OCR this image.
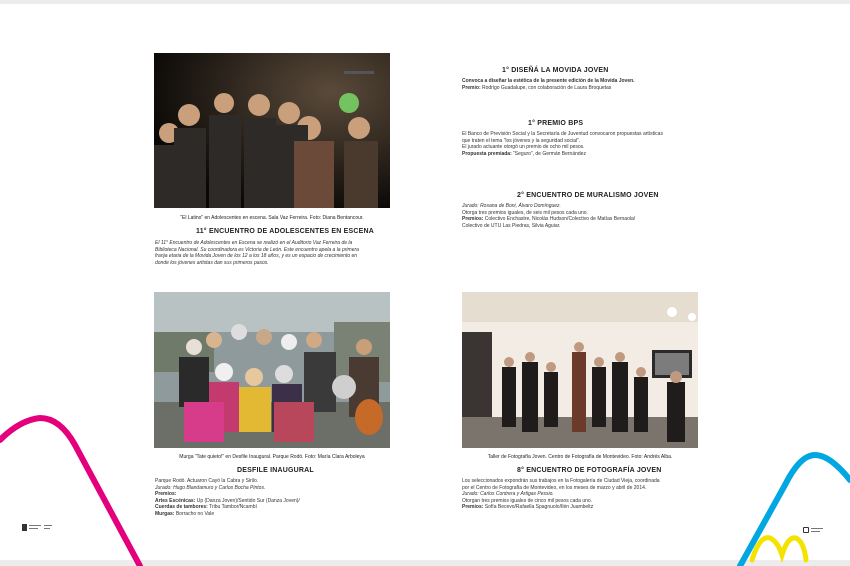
“El Latino” en Adolescentes en escena. Sala Vaz Ferreira. Foto: Diana Bentancour.
11° ENCUENTRO DE ADOLESCENTES EN ESCENA
El 11° Encuentro de Adolescentes en Escena se realizó en el Auditorio Vaz Ferreira de la
Biblioteca Nacional. Su coordinadora es Victoria de León. Este encuentro apela a la primera
franja etaria de la Movida Joven de los 12 a los 18 años, y es un espacio de crecimiento en
donde los jóvenes artistas dan sus primeros pasos.
1° DISEÑÁ LA MOVIDA JOVEN
Convoca a diseñar la estética de la presente edición de la Movida Joven.
Premio: Rodrigo Guadalupe, con colaboración de Laura Broquetas
1° PREMIO BPS
El Banco de Previsión Social y la Secretaría de Juventud convocaron propuestas artísticas
que traten el tema “los jóvenes y la seguridad social”.
El jurado actuante otorgó un premio de ocho mil pesos.
Propuesta premiada: “Seguro”, de Germán Bernández
2° ENCUENTRO DE MURALISMO JOVEN
Jurado: Rosana de Boni, Álvaro Domínguez.
Otorga tres premios iguales, de seis mil pesos cada uno.
Premios: Colectivo Enchastre, Nicolás Hudson/Colectivo de Matías Bernaola/
Colectivo de UTU Las Piedras, Silvia Aguiar.
Murga “Tate quieto!” en Desfile Inaugural. Parque Rodó. Foto: María Clara Arboleya
DESFILE INAUGURAL
Parque Rodó. Actuaron Cayó la Cabra y Sirilo.
Jurado: Hugo Blandamuro y Carlos Bocha Pintos.
Premios:
Artes Escénicas: Up (Danza Joven)/Sentido Sur (Danza Joven)/
Cuerdas de tambores: Tribu Tambor/Ncambí
Murgas: Borracho no Vale
Taller de Fotografía Joven. Centro de Fotografía de Montevideo. Foto: Andrés Alba.
8° ENCUENTRO DE FOTOGRAFÍA JOVEN
Los seleccionados expondrán sus trabajos en la Fotogalería de Ciudad Vieja, coordinada
por el Centro de Fotografía de Montevideo, en los meses de marzo y abril de 2014.
Jurado: Carlos Contrera y Artigas Pessio.
Otorgan tres premios iguales de cinco mil pesos cada uno.
Premios: Sofía Becevo/Rafaella Spagnuolo/Ilén Juambeltz
